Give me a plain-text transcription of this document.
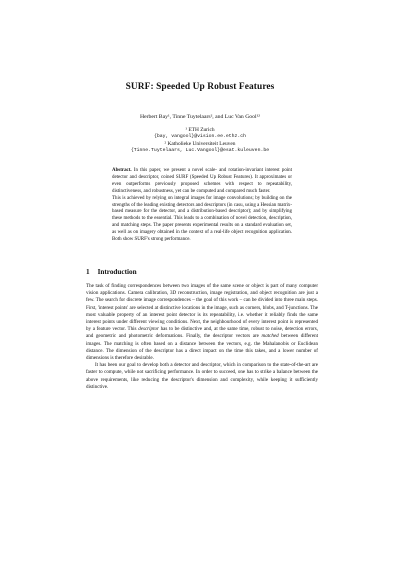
SURF: Speeded Up Robust Features
Herbert Bay¹, Tinne Tuytelaars², and Luc Van Gool¹²
¹ ETH Zurich
{bay, vangool}@vision.ee.ethz.ch
² Katholieke Universiteit Leuven
{Tinne.Tuytelaars, Luc.Vangool}@esat.kuleuven.be
Abstract. In this paper, we present a novel scale- and rotation-invariant interest point detector and descriptor, coined SURF (Speeded Up Robust Features). It approximates or even outperforms previously proposed schemes with respect to repeatability, distinctiveness, and robustness, yet can be computed and compared much faster.
This is achieved by relying on integral images for image convolutions; by building on the strengths of the leading existing detectors and descriptors (in casu, using a Hessian matrix-based measure for the detector, and a distribution-based descriptor); and by simplifying these methods to the essential. This leads to a combination of novel detection, description, and matching steps. The paper presents experimental results on a standard evaluation set, as well as on imagery obtained in the context of a real-life object recognition application. Both show SURF's strong performance.
1 Introduction

The task of finding correspondences between two images of the same scene or object is part of many computer vision applications. Camera calibration, 3D reconstruction, image registration, and object recognition are just a few. The search for discrete image correspondences – the goal of this work – can be divided into three main steps. First, 'interest points' are selected at distinctive locations in the image, such as corners, blobs, and T-junctions. The most valuable property of an interest point detector is its repeatability, i.e. whether it reliably finds the same interest points under different viewing conditions. Next, the neighbourhood of every interest point is represented by a feature vector. This descriptor has to be distinctive and, at the same time, robust to noise, detection errors, and geometric and photometric deformations. Finally, the descriptor vectors are matched between different images. The matching is often based on a distance between the vectors, e.g. the Mahalanobis or Euclidean distance. The dimension of the descriptor has a direct impact on the time this takes, and a lower number of dimensions is therefore desirable.

It has been our goal to develop both a detector and descriptor, which in comparison to the state-of-the-art are faster to compute, while not sacrificing performance. In order to succeed, one has to strike a balance between the above requirements, like reducing the descriptor's dimension and complexity, while keeping it sufficiently distinctive.
